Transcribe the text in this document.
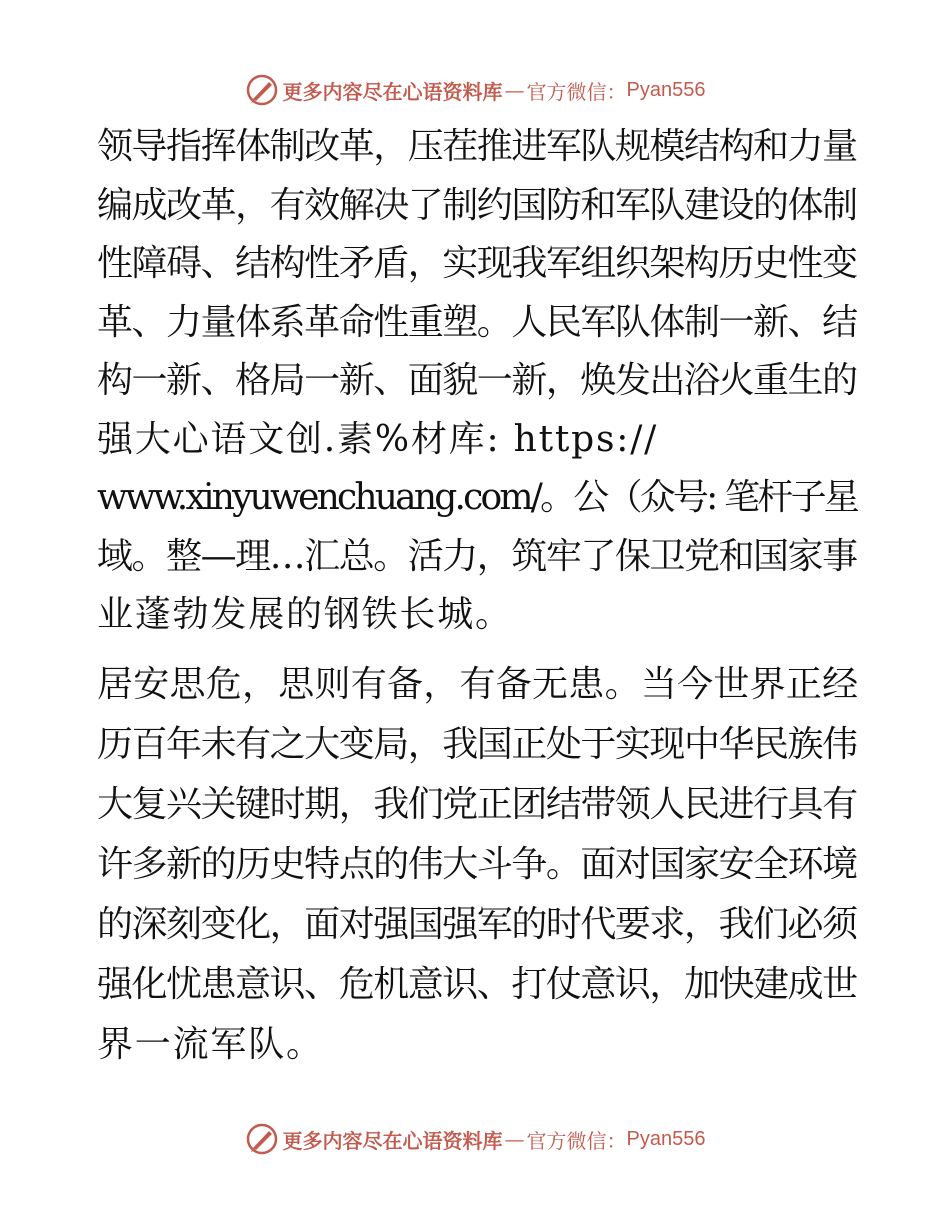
更多内容尽在心语资料库 — 官方微信： Pyan556
领导指挥体制改革，压茬推进军队规模结构和力量
编成改革，有效解决了制约国防和军队建设的体制
性障碍、结构性矛盾，实现我军组织架构历史性变
革、力量体系革命性重塑。人民军队体制一新、结
构一新、格局一新、面貌一新，焕发出浴火重生的
强大心语文创.素%材库: https://
www.xinyuwenchuang.com/。公（众号: 笔杆子星
域。整—理…汇总。活力，筑牢了保卫党和国家事
业蓬勃发展的钢铁长城。
居安思危，思则有备，有备无患。当今世界正经
历百年未有之大变局，我国正处于实现中华民族伟
大复兴关键时期，我们党正团结带领人民进行具有
许多新的历史特点的伟大斗争。面对国家安全环境
的深刻变化，面对强国强军的时代要求，我们必须
强化忧患意识、危机意识、打仗意识，加快建成世
界一流军队。
更多内容尽在心语资料库 — 官方微信： Pyan556
